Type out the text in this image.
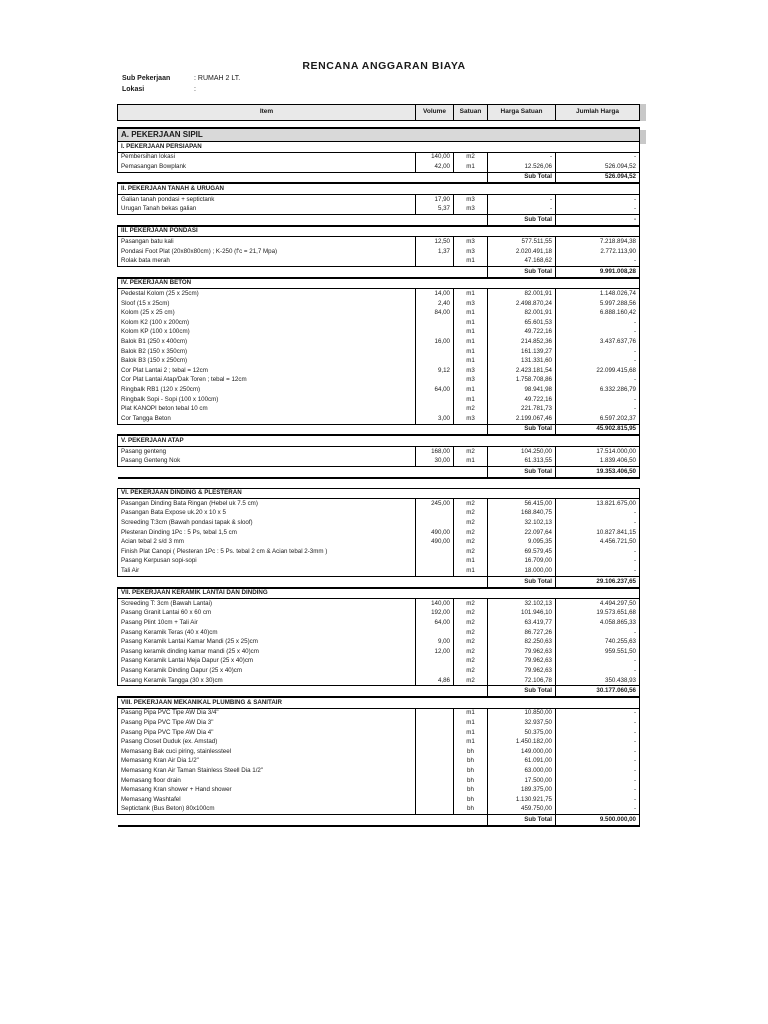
RENCANA ANGGARAN BIAYA
Sub Pekerjaan	: RUMAH 2 LT.
Lokasi	:
Item	Volume	Satuan	Harga Satuan	Jumlah Harga

A. PEKERJAAN SIPIL				
I. PEKERJAAN PERSIAPAN				
Pembersihan lokasi	140,00	m2	-	-
Pemasangan Bowplank	42,00	m1	12.526,06	526.094,52
			Sub Total	526.094,52
II. PEKERJAAN TANAH & URUGAN				
Galian tanah pondasi + septictank	17,90	m3	-	-
Urugan Tanah bekas galian	5,37	m3	-	-
			Sub Total	-
III. PEKERJAAN PONDASI				
Pasangan batu kali	12,50	m3	577.511,55	7.218.894,38
Pondasi Foot Plat (20x80x80cm) ; K-250 (f'c = 21,7 Mpa)	1,37	m3	2.020.491,18	2.772.113,90
Rolak bata merah		m1	47.168,62	-
			Sub Total	9.991.008,28
IV. PEKERJAAN BETON				
Pedestal Kolom (25 x 25cm)	14,00	m1	82.001,91	1.148.026,74
Sloof (15 x 25cm)	2,40	m3	2.498.870,24	5.997.288,56
Kolom (25 x 25 cm)	84,00	m1	82.001,91	6.888.160,42
Kolom K2 (100 x 200cm)		m1	65.601,53	-
Kolom KP (100 x 100cm)		m1	49.722,16	-
Balok B1 (250 x 400cm)	16,00	m1	214.852,36	3.437.637,76
Balok B2 (150 x 350cm)		m1	161.139,27	-
Balok B3 (150 x 250cm)		m1	131.331,60	-
Cor Plat Lantai 2 ; tebal = 12cm	9,12	m3	2.423.181,54	22.099.415,68
Cor Plat Lantai Atap/Dak Toren ; tebal = 12cm		m3	1.758.708,86	-
Ringbalk RB1 (120 x 250cm)	64,00	m1	98.941,98	6.332.286,79
Ringbalk Sopi - Sopi (100 x 100cm)		m1	49.722,16	-
Plat KANOPI beton tebal 10 cm		m2	221.781,73	-
Cor Tangga Beton	3,00	m3	2.199.067,46	6.597.202,37
			Sub Total	45.902.815,95
V. PEKERJAAN ATAP				
Pasang genteng	168,00	m2	104.250,00	17.514.000,00
Pasang Genteng Nok	30,00	m1	61.313,55	1.839.406,50
			Sub Total	19.353.406,50

VI. PEKERJAAN DINDING & PLESTERAN				
Pasangan Dinding Bata Ringan (Hebel uk 7.5 cm)	245,00	m2	56.415,00	13.821.675,00
Pasangan Bata Expose uk.20 x 10 x 5		m2	168.840,75	-
Screeding T:3cm (Bawah pondasi tapak & sloof)		m2	32.102,13	-
Plesteran Dinding 1Pc : 5 Ps, tebal 1,5 cm	490,00	m2	22.097,64	10.827.841,15
Acian tebal 2 s/d 3 mm	490,00	m2	9.095,35	4.456.721,50
Finish Plat Canopi ( Plesteran 1Pc : 5 Ps. tebal 2 cm & Acian tebal 2-3mm )		m2	69.579,45	-
Pasang Kerpusan sopi-sopi		m1	16.709,00	-
Tali Air		m1	18.000,00	-
			Sub Total	29.106.237,65
VII. PEKERJAAN KERAMIK LANTAI DAN DINDING				
Screeding T: 3cm (Bawah Lantai)	140,00	m2	32.102,13	4.494.297,50
Pasang Granit Lantai 60 x 60 cm	192,00	m2	101.946,10	19.573.651,68
Pasang Plint 10cm + Tali Air	64,00	m2	63.419,77	4.058.865,33
Pasang Keramik Teras (40 x 40)cm		m2	86.727,26	-
Pasang Keramik Lantai Kamar Mandi (25 x 25)cm	9,00	m2	82.250,63	740.255,63
Pasang keramik dinding kamar mandi (25 x 40)cm	12,00	m2	79.962,63	959.551,50
Pasang Keramik Lantai Meja Dapur (25 x 40)cm		m2	79.962,63	-
Pasang Keramik Dinding Dapur (25 x 40)cm		m2	79.962,63	-
Pasang Keramik Tangga (30 x 30)cm	4,86	m2	72.106,78	350.438,93
			Sub Total	30.177.060,56
VIII. PEKERJAAN MEKANIKAL PLUMBING & SANITAIR				
Pasang Pipa PVC Tipe AW Dia 3/4"		m1	10.850,00	-
Pasang Pipa PVC Tipe AW Dia 3"		m1	32.937,50	-
Pasang Pipa PVC Tipe AW Dia 4"		m1	50.375,00	-
Pasang Closet Duduk (ex. Amstad)		m1	1.450.182,00	-
Memasang Bak cuci piring, stainlessteel		bh	149.000,00	-
Memasang Kran Air Dia 1/2"		bh	61.091,00	-
Memasang Kran Air Taman Stainless Steell Dia 1/2"		bh	63.000,00	-
Memasang floor drain		bh	17.500,00	-
Memasang Kran shower + Hand shower		bh	189.375,00	-
Memasang Washtafel		bh	1.130.921,75	-
Septictank (Bus Beton) 80x100cm		bh	459.750,00	-
			Sub Total	9.500.000,00
